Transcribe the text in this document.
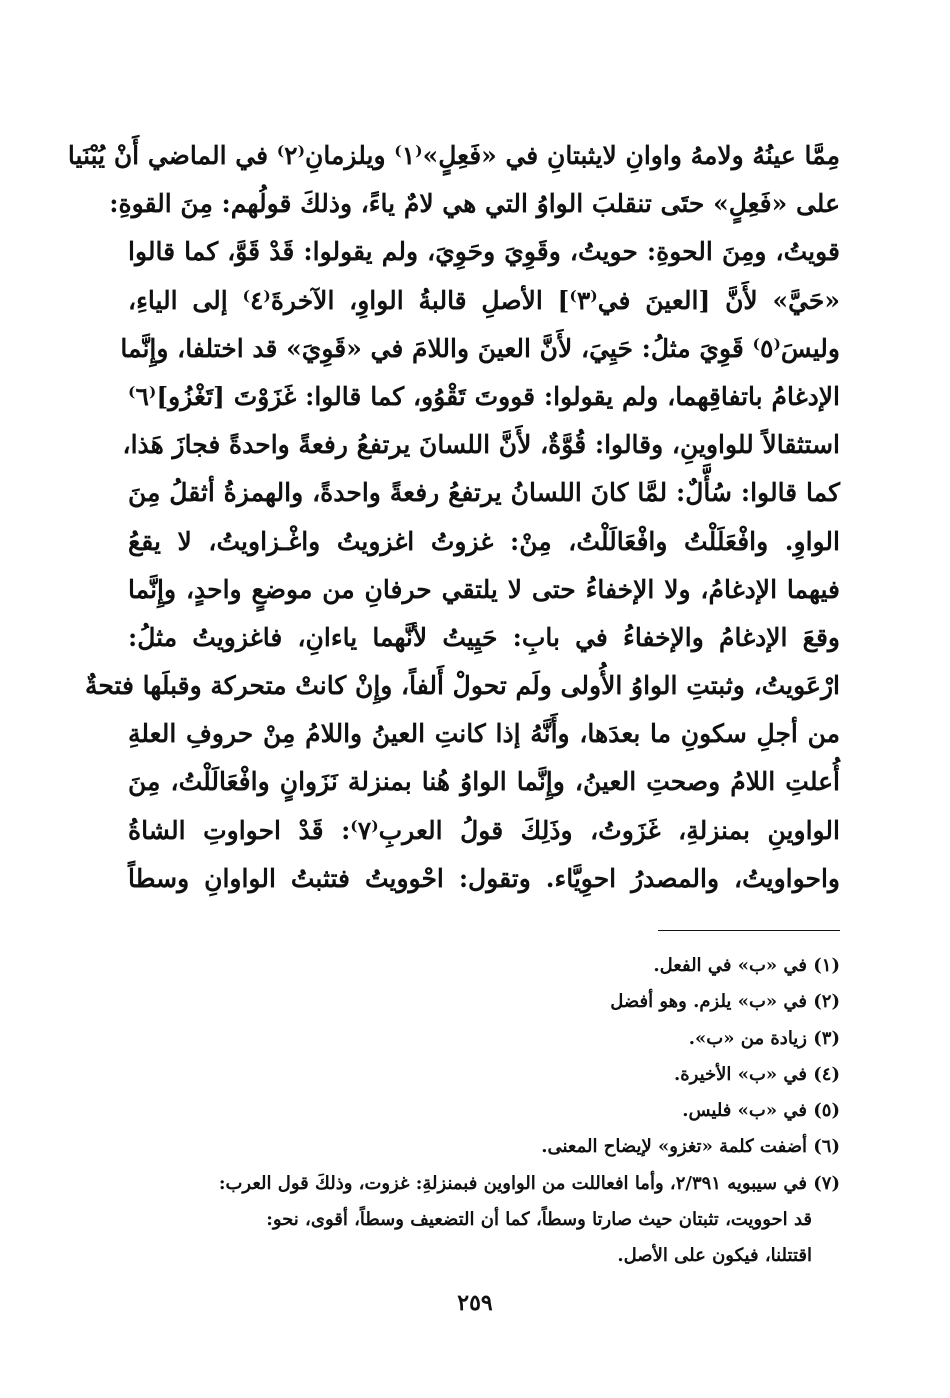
مِمَّا عينُهُ ولامهُ واوانِ لايثبتانِ في «فَعِلٍ»⁽١⁾ ويلزمانِ⁽٢⁾ في الماضي أَنْ يُبْنَيا
على «فَعِلٍ» حتَى تنقلبَ الواوُ التي هي لامٌ ياءً، وذلكَ قولُهم: مِنَ القوةِ:
قويتُ، ومِنَ الحوةِ: حويتُ، وقَوِيَ وحَوِيَ، ولم يقولوا: قَدْ قَوَّ، كما قالوا
«حَيَّ» لأَنَّ [العينَ في⁽٣⁾] الأصلِ قالبةُ الواوِ، الآخرةَ⁽٤⁾ إلى الياءِ،
وليسَ⁽٥⁾ قَوِيَ مثلُ: حَيِيَ، لأَنَّ العينَ واللامَ في «قَوِيَ» قد اختلفا، وإِنَّما
الإدغامُ باتفاقِهما، ولم يقولوا: قووتَ تَقْوُو، كما قالوا: غَزَوْتَ [تَغْزُو]⁽٦⁾
استثقالاً للواوينِ، وقالوا: قُوَّةٌ، لأَنَّ اللسانَ يرتفعُ رفعةً واحدةً فجازَ هَذا،
كما قالوا: سُأَّلٌ: لمَّا كانَ اللسانُ يرتفعُ رفعةً واحدةً، والهمزةُ أثقلُ مِنَ
الواوِ. وافْعَلَلْتُ وافْعَالَلْتُ، مِنْ: غزوتُ اغزويتُ واغْـزاويتُ، لا يقعُ
فيهما الإدغامُ، ولا الإخفاءُ حتى لا يلتقي حرفانِ من موضعٍ واحدٍ، وإِنَّما
وقعَ الإدغامُ والإخفاءُ في بابِ: حَيِيتُ لأنَّهما ياءانِ، فاغزويتُ مثلُ:
ارْعَويتُ، وثبتتِ الواوُ الأُولى ولَم تحولْ أَلفاً، وإِنْ كانتْ متحركة وقبلَها فتحةٌ
من أجلِ سكونِ ما بعدَها، وأَنَّهُ إذا كانتِ العينُ واللامُ مِنْ حروفِ العلةِ
أُعلتِ اللامُ وصحتِ العينُ، وإِنَّما الواوُ هُنا بمنزلة نَزَوانٍ وافْعَالَلْتُ، مِنَ
الواوينِ بمنزلةِ، غَزَوتُ، وذَلِكَ قولُ العربِ⁽٧⁾: قَدْ احواوتِ الشاةُ
واحواويتُ، والمصدرُ احوِيَّاء. وتقول: احْوويتُ فتثبتُ الواوانِ وسطاً
(١) في «ب» في الفعل.
(٢) في «ب» يلزم. وهو أفضل
(٣) زيادة من «ب».
(٤) في «ب» الأخيرة.
(٥) في «ب» فليس.
(٦) أضفت كلمة «تغزو» لإيضاح المعنى.
(٧) في سيبويه ٢/٣٩١، وأما افعاللت من الواوين فبمنزلةِ: غزوت، وذلكَ قول العرب:
قد احوويت، تثبتان حيث صارتا وسطاً، كما أن التضعيف وسطاً، أقوى، نحو:
اقتتلنا، فيكون على الأصل.
٢٥٩
